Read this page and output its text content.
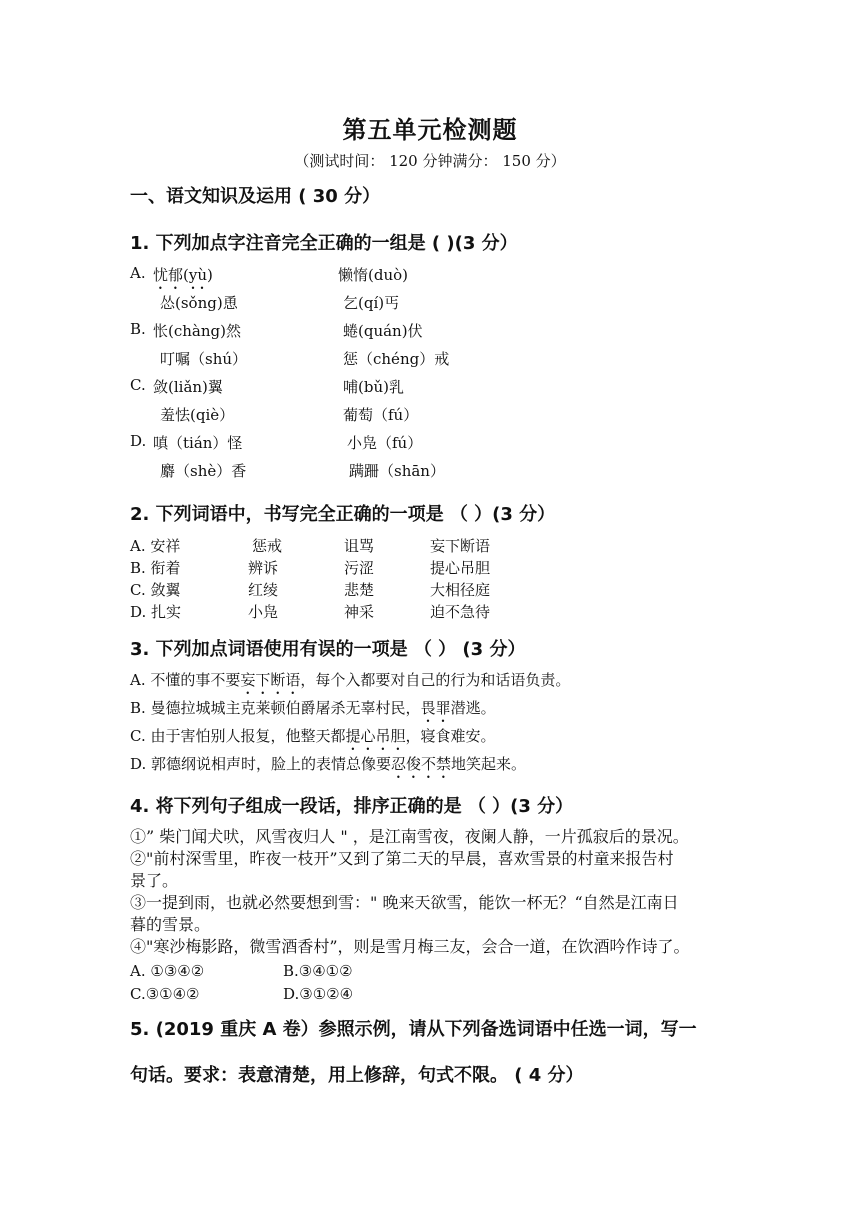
第五单元检测题
（测试时间： 120 分钟满分： 150 分）
一、语文知识及运用 ( 30 分）
1. 下列加点字注音完全正确的一组是 ( )(3 分）
A. 忧郁(yù)	懒惰(duò)
怂(sǒng)恿	乞(qí)丐
B. 怅(chàng)然	蜷(quán)伏
叮嘱（shú）	惩（chéng）戒
C. 敛(liǎn)翼	哺(bǔ)乳
羞怯(qiè）	葡萄（fú）
D. 嗔（tián）怪	小凫（fú）
麝（shè）香	蹒跚（shān）
2. 下列词语中，书写完全正确的一项是 （ ）(3 分）
A. 安祥	惩戒	诅骂	妄下断语
B. 衔着	辨诉	污涩	提心吊胆
C. 敛翼	红绫	悲楚	大相径庭
D. 扎实	小凫	神采	迫不急待
3. 下列加点词语使用有误的一项是 （ ） (3 分）
A. 不懂的事不要妄下断语，每个入都要对自己的行为和话语负责。
B. 曼德拉城城主克莱顿伯爵屠杀无辜村民，畏罪潜逃。
C. 由于害怕别人报复，他整天都提心吊胆，寝食难安。
D. 郭德纲说相声时，脸上的表情总像要忍俊不禁地笑起来。
4. 将下列句子组成一段话，排序正确的是 （ ）(3 分）
①” 柴门闻犬吠，风雪夜归人 " ，是江南雪夜，夜阑人静，一片孤寂后的景况。
②"前村深雪里，昨夜一枝开”又到了第二天的早晨，喜欢雪景的村童来报告村
景了。
③一提到雨，也就必然要想到雪：" 晚来天欲雪，能饮一杯无？“自然是江南日
暮的雪景。
④"寒沙梅影路，微雪酒香村”，则是雪月梅三友，会合一道，在饮酒吟作诗了。
A. ①③④②	B.③④①②
C.③①④②	D.③①②④
5. (2019 重庆 A 卷）参照示例，请从下列备选词语中任选一词，写一
句话。要求：表意清楚，用上修辞，句式不限。 ( 4 分）
